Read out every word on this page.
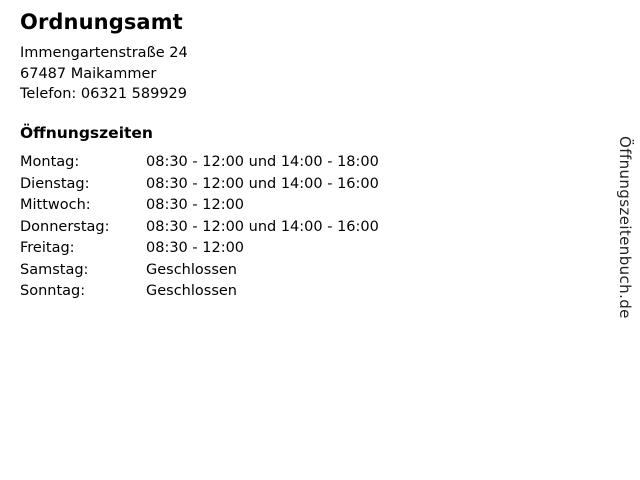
Ordnungsamt
Immengartenstraße 24
67487 Maikammer
Telefon: 06321 589929
Öffnungszeiten
Montag:	08:30 - 12:00 und 14:00 - 18:00
Dienstag:	08:30 - 12:00 und 14:00 - 16:00
Mittwoch:	08:30 - 12:00
Donnerstag:	08:30 - 12:00 und 14:00 - 16:00
Freitag:	08:30 - 12:00
Samstag:	Geschlossen
Sonntag:	Geschlossen	Öffnungszeitenbuch.de
